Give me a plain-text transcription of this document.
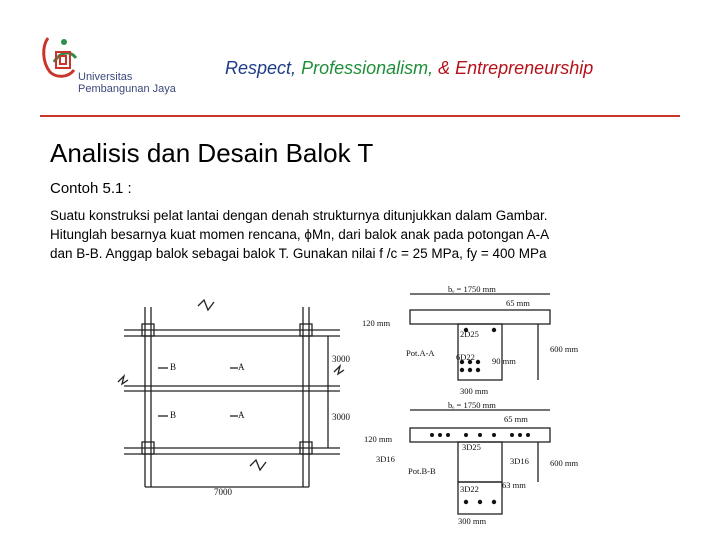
Universitas
Pembangunan Jaya
Respect, Professionalism, & Entrepreneurship
Analisis dan Desain Balok T
Contoh 5.1 :
Suatu konstruksi pelat lantai dengan denah strukturnya ditunjukkan dalam Gambar.
Hitunglah besarnya kuat momen rencana, ϕMn, dari balok anak pada potongan A-A
dan B-B. Anggap balok sebagai balok T. Gunakan nilai f /c = 25 MPa, fy = 400 MPa
B	A
B	A
3000
3000
7000
bₑ = 1750 mm
120 mm
65 mm
2D25
Pot.A-A	6D22 90 mm
600 mm
300 mm
bₑ = 1750 mm
65 mm
120 mm
3D25
3D16	3D16
Pot.B-B
600 mm
3D22	63 mm
300 mm
